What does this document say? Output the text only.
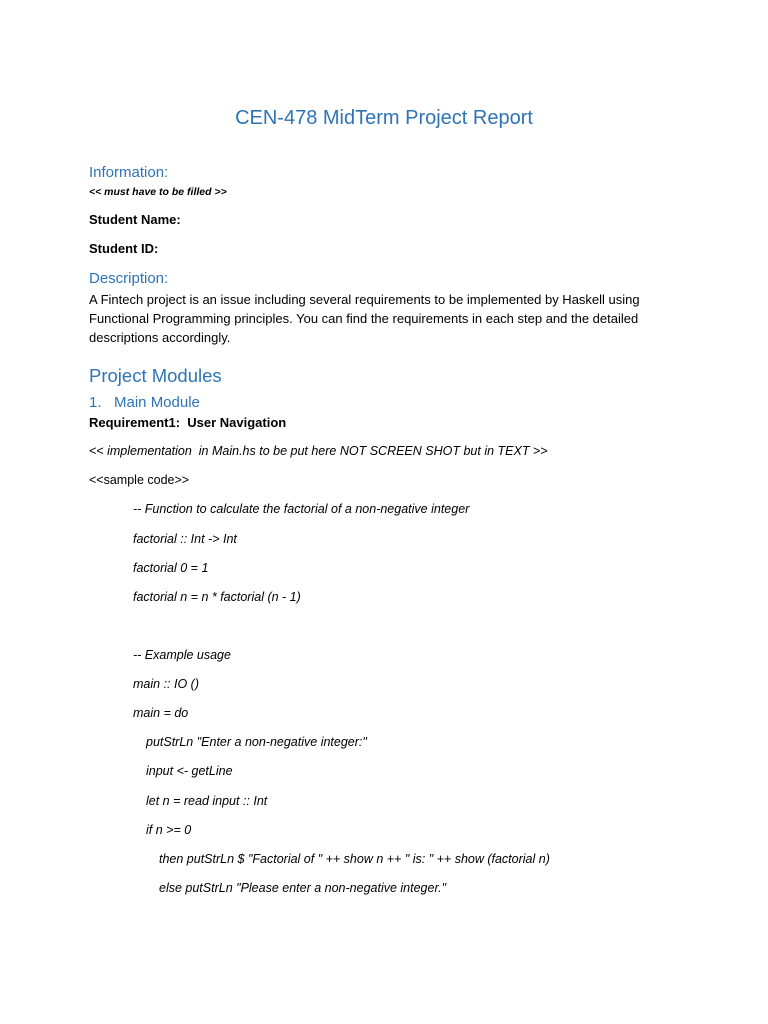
CEN-478 MidTerm Project Report
Information:
<< must have to be filled >>
Student Name:
Student ID:
Description:
A Fintech project is an issue including several requirements to be implemented by Haskell using Functional Programming principles. You can find the requirements in each step and the detailed descriptions accordingly.
Project Modules
1.   Main Module
Requirement1:  User Navigation
<< implementation  in Main.hs to be put here NOT SCREEN SHOT but in TEXT >>
<<sample code>>
-- Function to calculate the factorial of a non-negative integer
factorial :: Int -> Int
factorial 0 = 1
factorial n = n * factorial (n - 1)
-- Example usage
main :: IO ()
main = do
putStrLn "Enter a non-negative integer:"
input <- getLine
let n = read input :: Int
if n >= 0
then putStrLn $ "Factorial of " ++ show n ++ " is: " ++ show (factorial n)
else putStrLn "Please enter a non-negative integer."
